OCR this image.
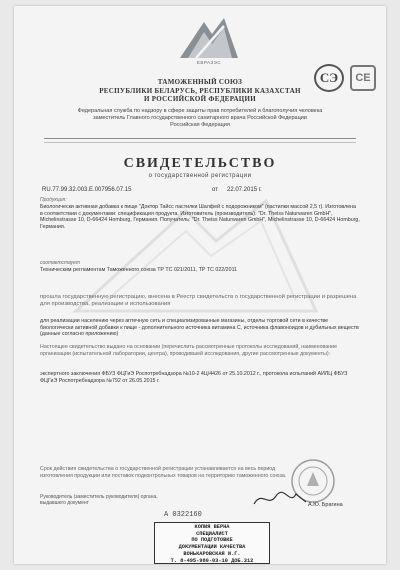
ЕВРАЗЭС
СЭ	CE
ТАМОЖЕННЫЙ СОЮЗ
РЕСПУБЛИКИ БЕЛАРУСЬ, РЕСПУБЛИКИ КАЗАХСТАН
И РОССИЙСКОЙ ФЕДЕРАЦИИ
Федеральная служба по надзору в сфере защиты прав потребителей и благополучия человека
заместитель Главного государственного санитарного врача Российской Федерации
Российская Федерация
СВИДЕТЕЛЬСТВО
о государственной регистрации
RU.77.99.32.003.Е.007956.07.15	от 22.07.2015 г.
Продукция:
Биологически активная добавка к пище "Доктор Тайсс пастилки Шалфей с подорожником" (пастилки массой 2,5 г). Изготовлена в соответствии с документами: спецификация продукта. Изготовитель (производитель): "Dr. Theiss Naturwaren GmbH", Michelinstrasse 10, D-66424 Homburg, Германия. Получатель: "Dr. Theiss Naturwaren GmbH", Michelinstrasse 10, D-66424 Homburg, Германия.
соответствует
Техническим регламентам Таможенного союза ТР ТС 021/2011, ТР ТС 022/2011
прошла государственную регистрацию, внесена в Реестр свидетельств о государственной регистрации и разрешена для производства, реализации и использования
для реализации населению через аптечную сеть и специализированные магазины, отделы торговой сети в качестве биологически активной добавки к пище - дополнительного источника витамина С, источника флавоноидов и дубильных веществ (данные согласно приложению)
Настоящее свидетельство выдано на основании (перечислить рассмотренные протоколы исследований, наименование организации (испытательной лаборатории, центра), проводившей исследования, другие рассмотренные документы):
экспертного заключения ФБУЗ ФЦГиЭ Роспотребнадзора №10-2 4Ц/4426 от 25.10.2012 г., протокола испытаний АИЛЦ ФБУЗ ФЦГиЭ Роспотребнадзора №792 от 26.05.2015 г.
Срок действия свидетельства о государственной регистрации устанавливается на весь период изготовления продукции или поставок подконтрольных товаров на территорию таможенного союза.
Руководитель (заместитель руководителя) органа, выдавшего документ	А.Ю. Брагина
А 0322160
КОПИЯ ВЕРНА
СПЕЦИАЛИСТ
ПО ПОДГОТОВКЕ
ДОКУМЕНТАЦИИ КАЧЕСТВА
ВОНЬКАРОВСКАЯ И.Г.
Т. 8-495-980-03-10 ДОБ.312
